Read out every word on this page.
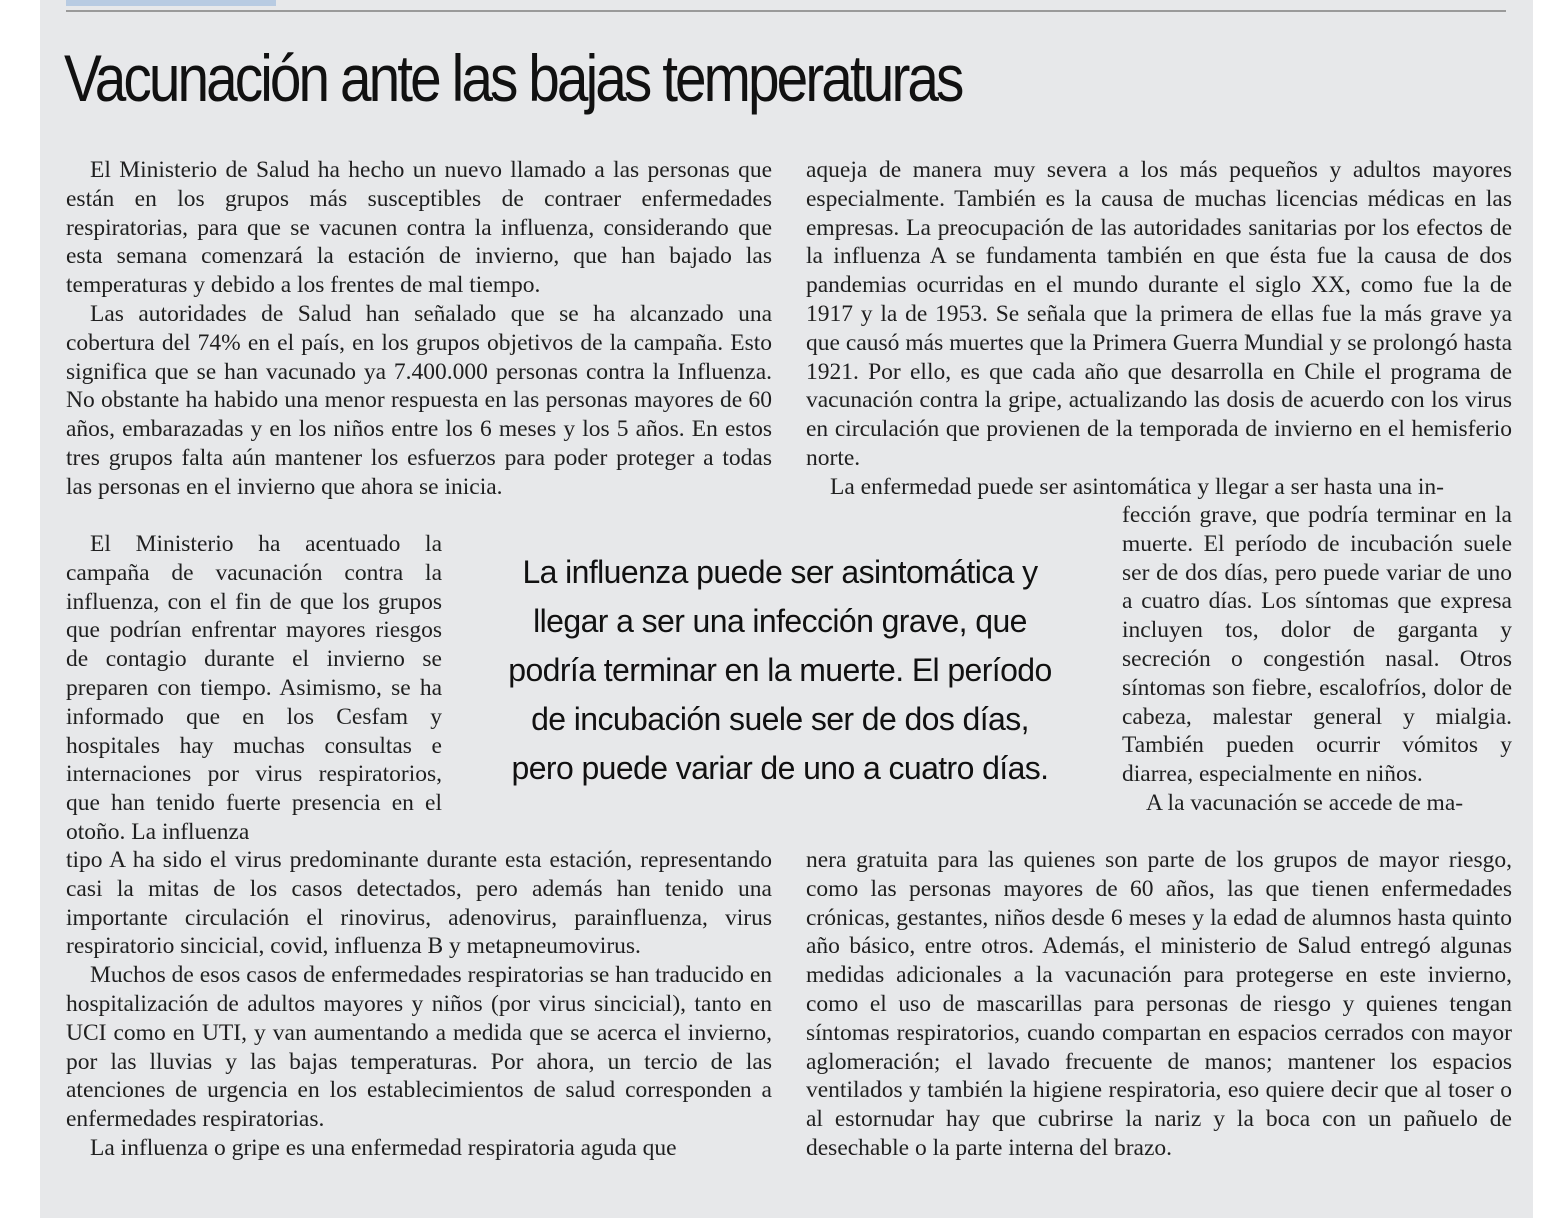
Vacunación ante las bajas temperaturas

El Ministerio de Salud ha hecho un nuevo llamado a las personas que están en los grupos más susceptibles de contraer enfermedades respiratorias, para que se vacunen contra la influenza, considerando que esta semana comenzará la estación de invierno, que han bajado las temperaturas y debido a los frentes de mal tiempo.

Las autoridades de Salud han señalado que se ha alcanzado una cobertura del 74% en el país, en los grupos objetivos de la campaña. Esto significa que se han vacunado ya 7.400.000 personas contra la Influenza. No obstante ha habido una menor respuesta en las personas mayores de 60 años, embarazadas y en los niños entre los 6 meses y los 5 años. En estos tres grupos falta aún mantener los esfuerzos para poder proteger a todas las personas en el invierno que ahora se inicia.

El Ministerio ha acentuado la campaña de vacunación contra la influenza, con el fin de que los grupos que podrían enfrentar mayores riesgos de contagio durante el invierno se preparen con tiempo. Asimismo, se ha informado que en los Cesfam y hospitales hay muchas consultas e internaciones por virus respiratorios, que han tenido fuerte presencia en el otoño. La influenza

tipo A ha sido el virus predominante durante esta estación, representando casi la mitas de los casos detectados, pero además han tenido una importante circulación el rinovirus, adenovirus, parainfluenza, virus respiratorio sincicial, covid, influenza B y metapneumovirus.

Muchos de esos casos de enfermedades respiratorias se han traducido en hospitalización de adultos mayores y niños (por virus sincicial), tanto en UCI como en UTI, y van aumentando a medida que se acerca el invierno, por las lluvias y las bajas temperaturas. Por ahora, un tercio de las atenciones de urgencia en los establecimientos de salud corresponden a enfermedades respiratorias.

La influenza o gripe es una enfermedad respiratoria aguda que

aqueja de manera muy severa a los más pequeños y adultos mayores especialmente. También es la causa de muchas licencias médicas en las empresas. La preocupación de las autoridades sanitarias por los efectos de la influenza A se fundamenta también en que ésta fue la causa de dos pandemias ocurridas en el mundo durante el siglo XX, como fue la de 1917 y la de 1953. Se señala que la primera de ellas fue la más grave ya que causó más muertes que la Primera Guerra Mundial y se prolongó hasta 1921. Por ello, es que cada año que desarrolla en Chile el programa de vacunación contra la gripe, actualizando las dosis de acuerdo con los virus en circulación que provienen de la temporada de invierno en el hemisferio norte.

La enfermedad puede ser asintomática y llegar a ser hasta una in-

fección grave, que podría terminar en la muerte. El período de incubación suele ser de dos días, pero puede variar de uno a cuatro días. Los síntomas que expresa incluyen tos, dolor de garganta y secreción o congestión nasal. Otros síntomas son fiebre, escalofríos, dolor de cabeza, malestar general y mialgia. También pueden ocurrir vómitos y diarrea, especialmente en niños.

A la vacunación se accede de ma-

nera gratuita para las quienes son parte de los grupos de mayor riesgo, como las personas mayores de 60 años, las que tienen enfermedades crónicas, gestantes, niños desde 6 meses y la edad de alumnos hasta quinto año básico, entre otros. Además, el ministerio de Salud entregó algunas medidas adicionales a la vacunación para protegerse en este invierno, como el uso de mascarillas para personas de riesgo y quienes tengan síntomas respiratorios, cuando compartan en espacios cerrados con mayor aglomeración; el lavado frecuente de manos; mantener los espacios ventilados y también la higiene respiratoria, eso quiere decir que al toser o al estornudar hay que cubrirse la nariz y la boca con un pañuelo de desechable o la parte interna del brazo.

La influenza puede ser asintomática y llegar a ser una infección grave, que podría terminar en la muerte. El período de incubación suele ser de dos días, pero puede variar de uno a cuatro días.
